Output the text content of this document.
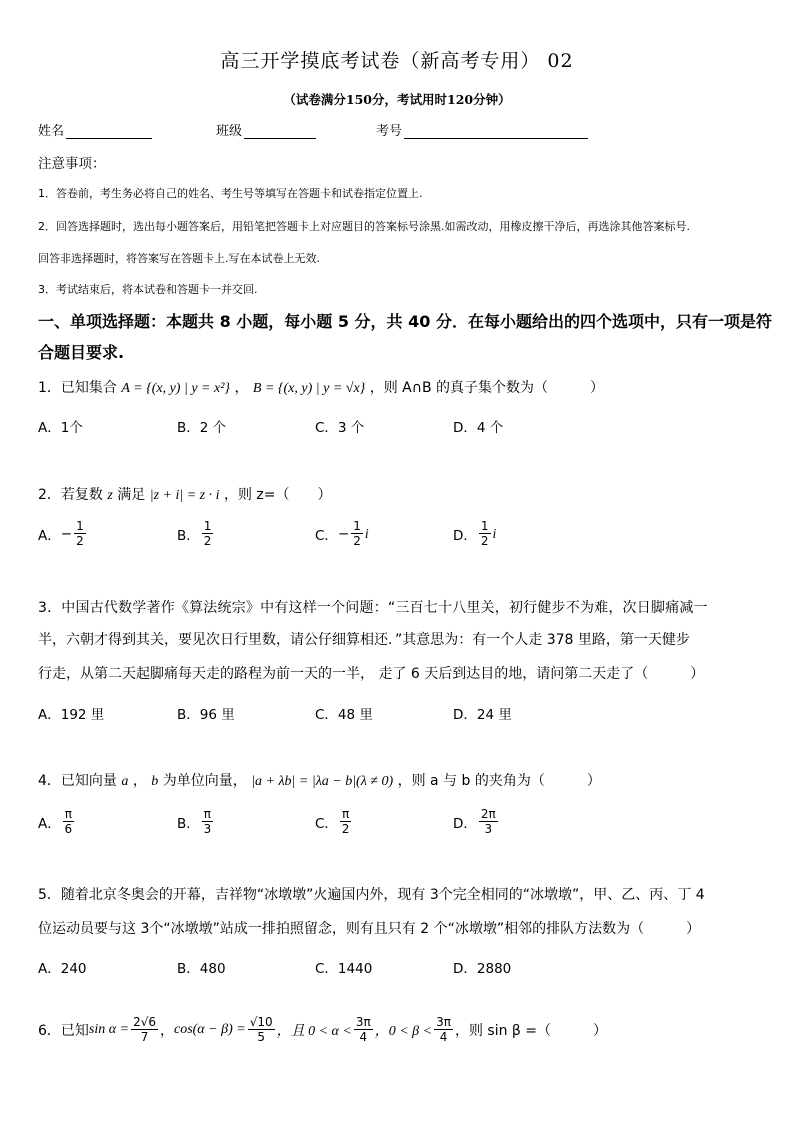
高三开学摸底考试卷（新高考专用） 02
（试卷满分150分，考试用时120分钟）
姓名	班级	考号
注意事项：
1．答卷前，考生务必将自己的姓名、考生号等填写在答题卡和试卷指定位置上.
2．回答选择题时，选出每小题答案后，用铅笔把答题卡上对应题目的答案标号涂黑.如需改动，用橡皮擦干净后，再选涂其他答案标号.
回答非选择题时，将答案写在答题卡上.写在本试卷上无效.
3．考试结束后，将本试卷和答题卡一并交回.
一、单项选择题：本题共 8 小题，每小题 5 分，共 40 分．在每小题给出的四个选项中，只有一项是符
合题目要求.
1．已知集合 A = {(x, y) | y = x²} ， B = {(x, y) | y = √x} ，则 A∩B 的真子集个数为（　　　）
A．1个	B．2 个	C．3 个	D．4 个
2．若复数 z 满足 |z + i| = z · i ，则 z=（　　）
A． − $\frac{1}{2}$	B． $\frac{1}{2}$	C． − $\frac{1}{2}$ i	D． $\frac{1}{2}$ i
3．中国古代数学著作《算法统宗》中有这样一个问题：“三百七十八里关，初行健步不为难，次日脚痛减一
半，六朝才得到其关，要见次日行里数，请公仔细算相还．”其意思为：有一个人走 378 里路，第一天健步
行走，从第二天起脚痛每天走的路程为前一天的一半， 走了 6 天后到达目的地，请问第二天走了（　　　）
A．192 里	B．96 里	C．48 里	D．24 里
4．已知向量 a ， b 为单位向量， |a + λb| = |λa − b|(λ ≠ 0) ，则 a 与 b 的夹角为（　　　）
A． $\frac{\pi}{6}$	B． $\frac{\pi}{3}$	C． $\frac{\pi}{2}$	D． $\frac{2\pi}{3}$
5．随着北京冬奥会的开幕，吉祥物“冰墩墩”火遍国内外，现有 3个完全相同的“冰墩墩”，甲、乙、丙、丁 4
位运动员要与这 3个“冰墩墩”站成一排拍照留念，则有且只有 2 个“冰墩墩”相邻的排队方法数为（　　　）
A．240	B．480	C．1440	D．2880
6．已知 $\sin \alpha = \frac{2√6}{7}$ ， $\cos(\alpha - \beta) = \frac{√10}{5}$ ，且 $0 < \alpha < \frac{3\pi}{4}$ ，$0 < \beta < \frac{3\pi}{4}$ ，则 sin β =（　　　）
